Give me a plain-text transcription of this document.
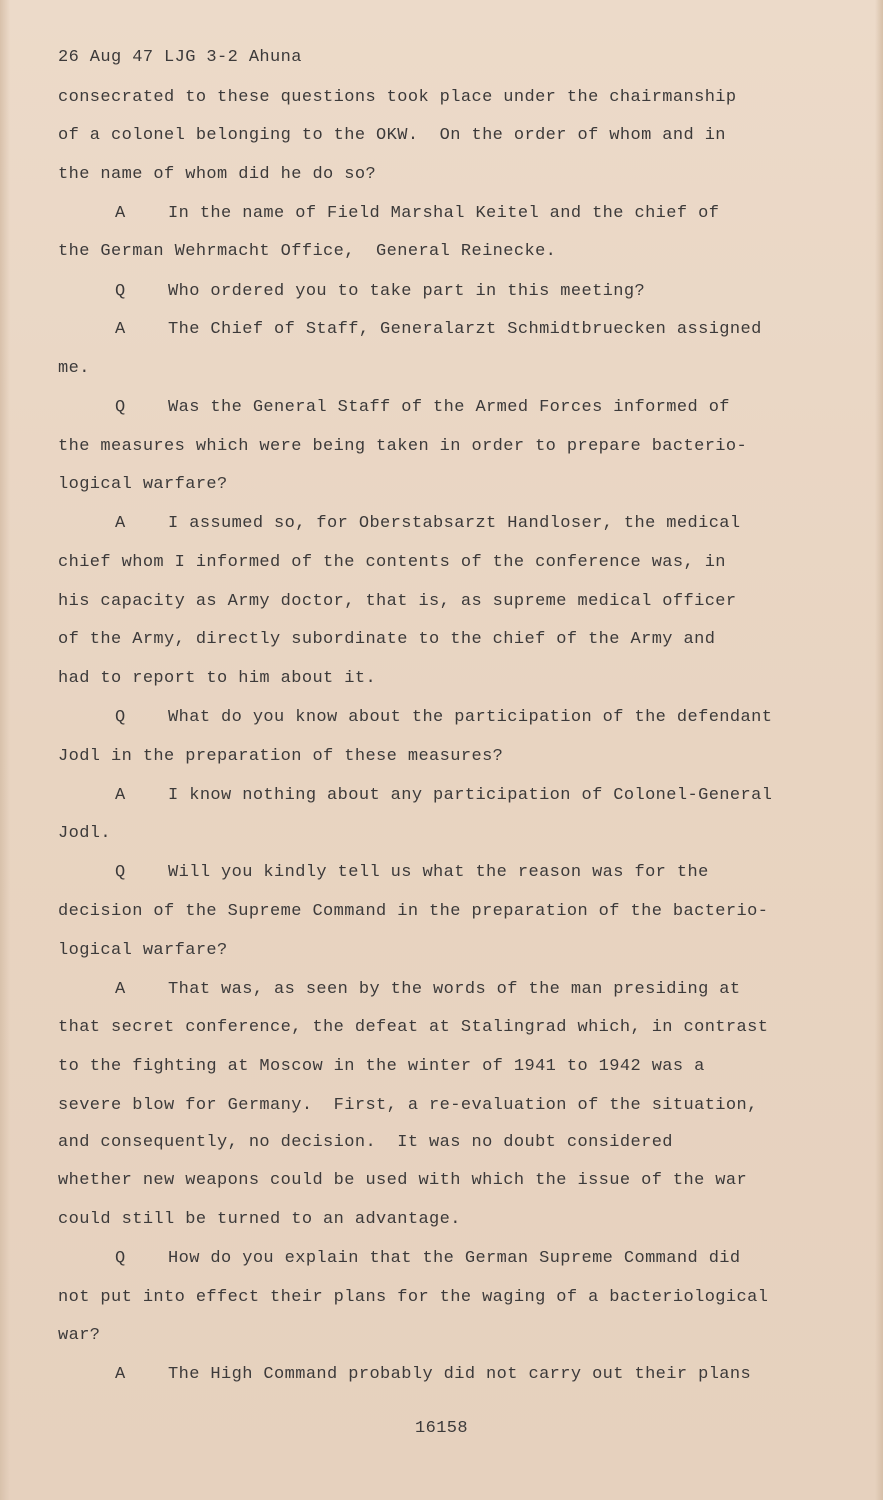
26 Aug 47 LJG 3-2 Ahuna
consecrated to these questions took place under the chairmanship
of a colonel belonging to the OKW.  On the order of whom and in
the name of whom did he do so?
A    In the name of Field Marshal Keitel and the chief of
the German Wehrmacht Office,  General Reinecke.
Q    Who ordered you to take part in this meeting?
A    The Chief of Staff, Generalarzt Schmidtbruecken assigned
me.
Q    Was the General Staff of the Armed Forces informed of
the measures which were being taken in order to prepare bacterio-
logical warfare?
A    I assumed so, for Oberstabsarzt Handloser, the medical
chief whom I informed of the contents of the conference was, in
his capacity as Army doctor, that is, as supreme medical officer
of the Army, directly subordinate to the chief of the Army and
had to report to him about it.
Q    What do you know about the participation of the defendant
Jodl in the preparation of these measures?
A    I know nothing about any participation of Colonel-General
Jodl.
Q    Will you kindly tell us what the reason was for the
decision of the Supreme Command in the preparation of the bacterio-
logical warfare?
A    That was, as seen by the words of the man presiding at
that secret conference, the defeat at Stalingrad which, in contrast
to the fighting at Moscow in the winter of 1941 to 1942 was a
severe blow for Germany.  First, a re-evaluation of the situation,
and consequently, no decision.  It was no doubt considered
whether new weapons could be used with which the issue of the war
could still be turned to an advantage.
Q    How do you explain that the German Supreme Command did
not put into effect their plans for the waging of a bacteriological
war?
A    The High Command probably did not carry out their plans
16158
